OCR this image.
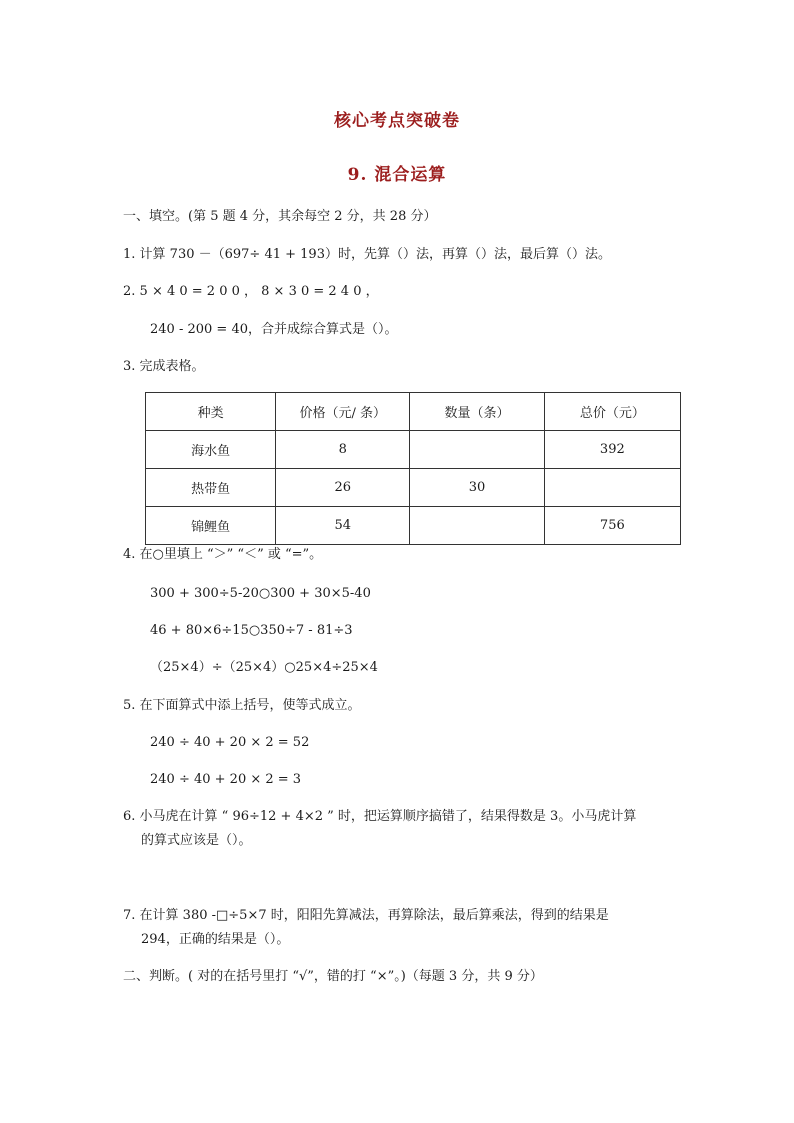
核心考点突破卷
9. 混合运算
一、填空。(第 5 题 4 分，其余每空 2 分，共 28 分）
1. 计算 730 －（697÷ 41 + 193）时，先算（）法，再算（）法，最后算（）法。
2. 5 × 4 0 = 2 0 0 ， 8 × 3 0 = 2 4 0 ，
240 - 200 = 40，合并成综合算式是（）。
3. 完成表格。
种类	价格（元/ 条）	数量（条）	总价（元）
海水鱼	8		392
热带鱼	26	30	
锦鲤鱼	54		756
4. 在○里填上 “＞” “＜” 或 “=”。
300 + 300÷5-20○300 + 30×5-40
46 + 80×6÷15○350÷7 - 81÷3
（25×4）÷（25×4）○25×4÷25×4
5. 在下面算式中添上括号，使等式成立。
240 ÷ 40 + 20 × 2 = 52
240 ÷ 40 + 20 × 2 = 3
6. 小马虎在计算 “ 96÷12 + 4×2 ” 时，把运算顺序搞错了，结果得数是 3。小马虎计算
的算式应该是（）。
7. 在计算 380 -□÷5×7 时，阳阳先算减法，再算除法，最后算乘法，得到的结果是
294，正确的结果是（）。
二、判断。( 对的在括号里打 “√”，错的打 “×”。)（每题 3 分，共 9 分）
